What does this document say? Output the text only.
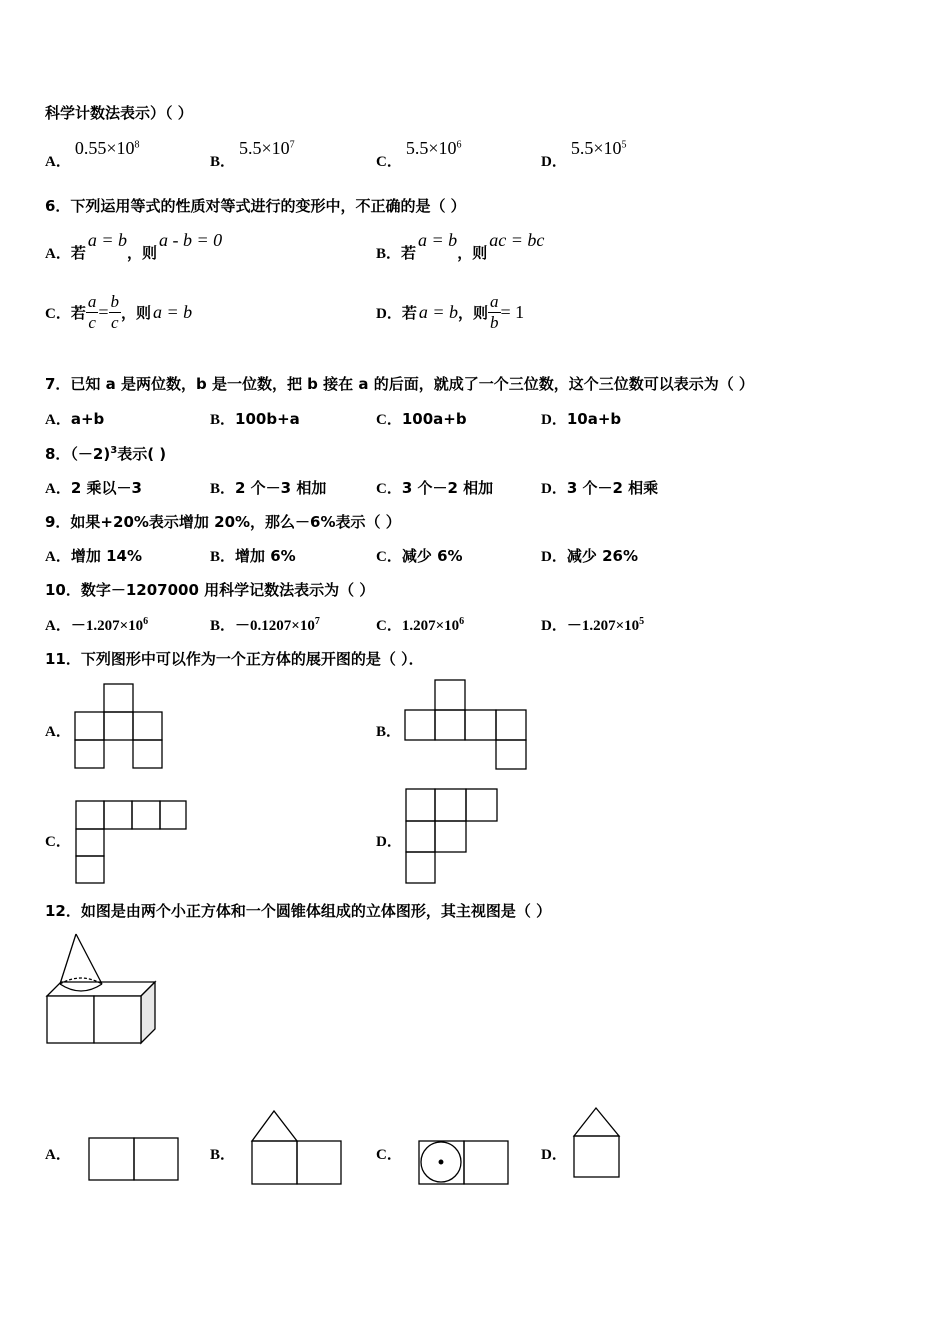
科学计数法表示）（ ）
A．$0.55\times 10^8$
B．$5.5\times 10^7$
C．$5.5\times 10^6$
D．$5.5\times 10^5$
6．下列运用等式的性质对等式进行的变形中，不正确的是（ ）
A．若a = b，则a - b = 0
B．若a = b，则ac = bc
C．若 $\frac{a}{c} = \frac{b}{c}$ ，则 a = b	D．若 a = b，则 $\frac{a}{b} = 1$
7．已知 a 是两位数，b 是一位数，把 b 接在 a 的后面，就成了一个三位数，这个三位数可以表示为（ ）
A．a+b	B．100b+a	C．100a+b	D．10a+b
8．（－2)$^3$表示( )
A．2 乘以－3	B．2 个－3 相加	C．3 个－2 相加	D．3 个－2 相乘
9．如果+20%表示增加 20%，那么－6%表示（ ）
A．增加 14%	B．增加 6%	C．减少 6%	D．减少 26%
10．数字－1207000 用科学记数法表示为（ ）
A．$-1.207\times 10^6$	B．$-0.1207\times 10^7$	C．$1.207\times 10^6$	D．$-1.207\times 10^5$
11．下列图形中可以作为一个正方体的展开图的是（ ）．
A．	B．
C．	D．
12．如图是由两个小正方体和一个圆锥体组成的立体图形，其主视图是（ ）
A．	B．	C．	D．
